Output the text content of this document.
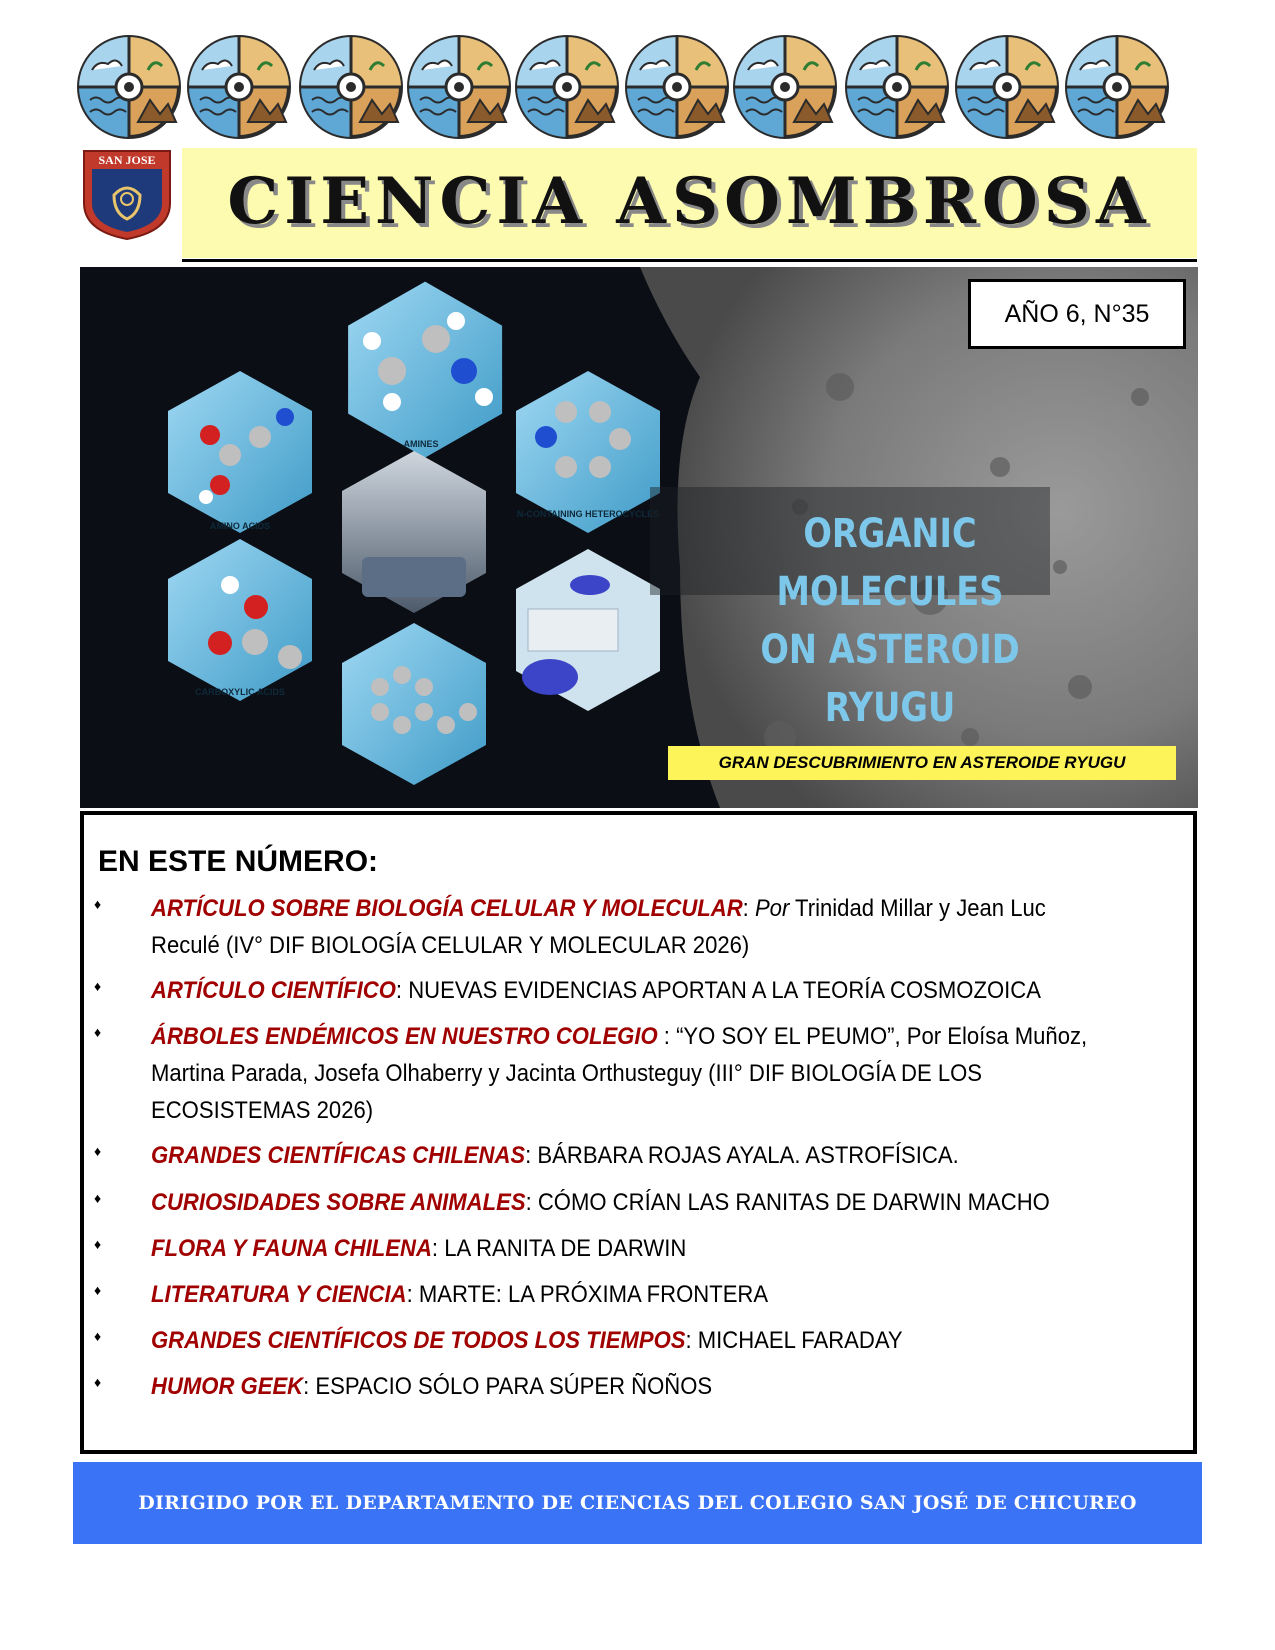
SAN JOSE
CIENCIA ASOMBROSA
AMINES
AMINO ACIDS
N-CONTAINING HETEROCYCLES
CARBOXYLIC ACIDS
AÑO 6, N°35
ORGANIC MOLECULES
ON ASTEROID RYUGU
GRAN DESCUBRIMIENTO EN ASTEROIDE RYUGU
EN ESTE NÚMERO:
♦ ARTÍCULO SOBRE BIOLOGÍA CELULAR Y MOLECULAR: Por Trinidad Millar y Jean Luc Reculé (IV° DIF BIOLOGÍA CELULAR Y MOLECULAR 2026)
♦ ARTÍCULO CIENTÍFICO: NUEVAS EVIDENCIAS APORTAN A LA TEORÍA COSMOZOICA
♦ ÁRBOLES ENDÉMICOS EN NUESTRO COLEGIO : “YO SOY EL PEUMO”, Por Eloísa Muñoz, Martina Parada, Josefa Olhaberry y Jacinta Orthusteguy (III° DIF BIOLOGÍA DE LOS ECOSISTEMAS 2026)
♦ GRANDES CIENTÍFICAS CHILENAS: BÁRBARA ROJAS AYALA. ASTROFÍSICA.
♦ CURIOSIDADES SOBRE ANIMALES: CÓMO CRÍAN LAS RANITAS DE DARWIN MACHO
♦ FLORA Y FAUNA CHILENA: LA RANITA DE DARWIN
♦ LITERATURA Y CIENCIA: MARTE: LA PRÓXIMA FRONTERA
♦ GRANDES CIENTÍFICOS DE TODOS LOS TIEMPOS: MICHAEL FARADAY
♦ HUMOR GEEK: ESPACIO SÓLO PARA SÚPER ÑOÑOS
DIRIGIDO POR EL DEPARTAMENTO DE CIENCIAS DEL COLEGIO SAN JOSÉ DE CHICUREO
